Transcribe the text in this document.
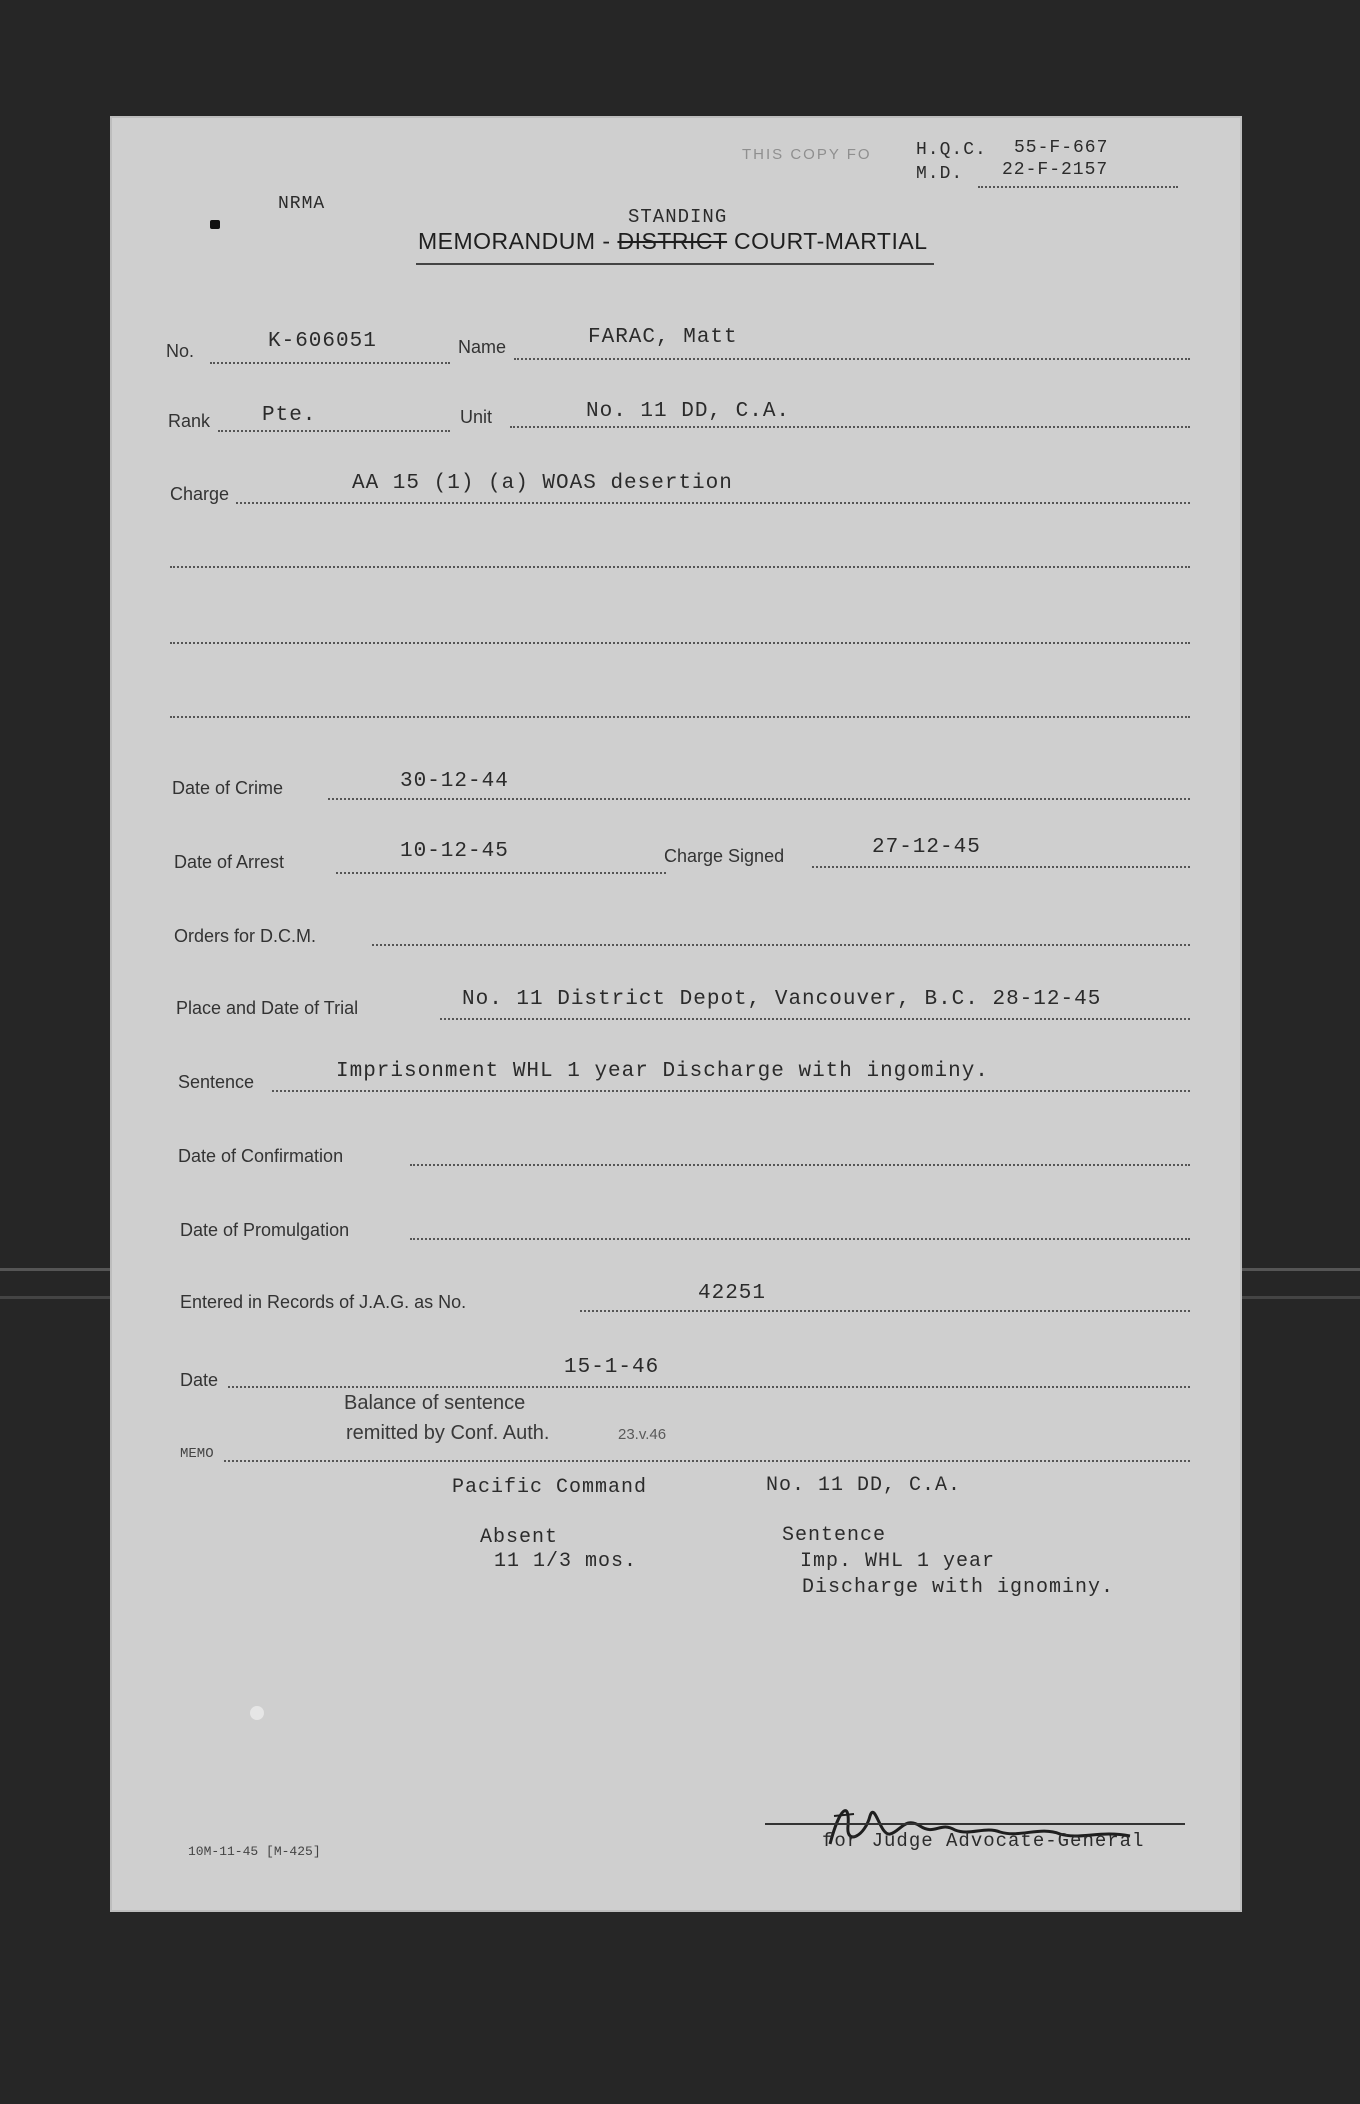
THIS COPY FO H.Q.C. 55-F-667
M.D. 22-F-2157
NRMA
STANDING
MEMORANDUM - DISTRICT COURT-MARTIAL
No.	K-606051	Name	FARAC, Matt
Rank Pte.	Unit	No. 11 DD, C.A.
Charge	AA 15 (1) (a) WOAS desertion
Date of Crime	30-12-44
Date of Arrest	10-12-45	Charge Signed	27-12-45
Orders for D.C.M.
Place and Date of Trial	No. 11 District Depot, Vancouver, B.C. 28-12-45
Sentence	Imprisonment WHL 1 year Discharge with ingominy.
Date of Confirmation
Date of Promulgation
Entered in Records of J.A.G. as No.	42251
Date
15-1-46
Balance of sentence
remitted by Conf. Auth.	23.v.46
MEMO
Pacific Command	No. 11 DD, C.A.
Absent
11 1/3 mos.
Sentence
Imp. WHL 1 year
Discharge with ignominy.
for Judge Advocate-General
10M-11-45 [M-425]
